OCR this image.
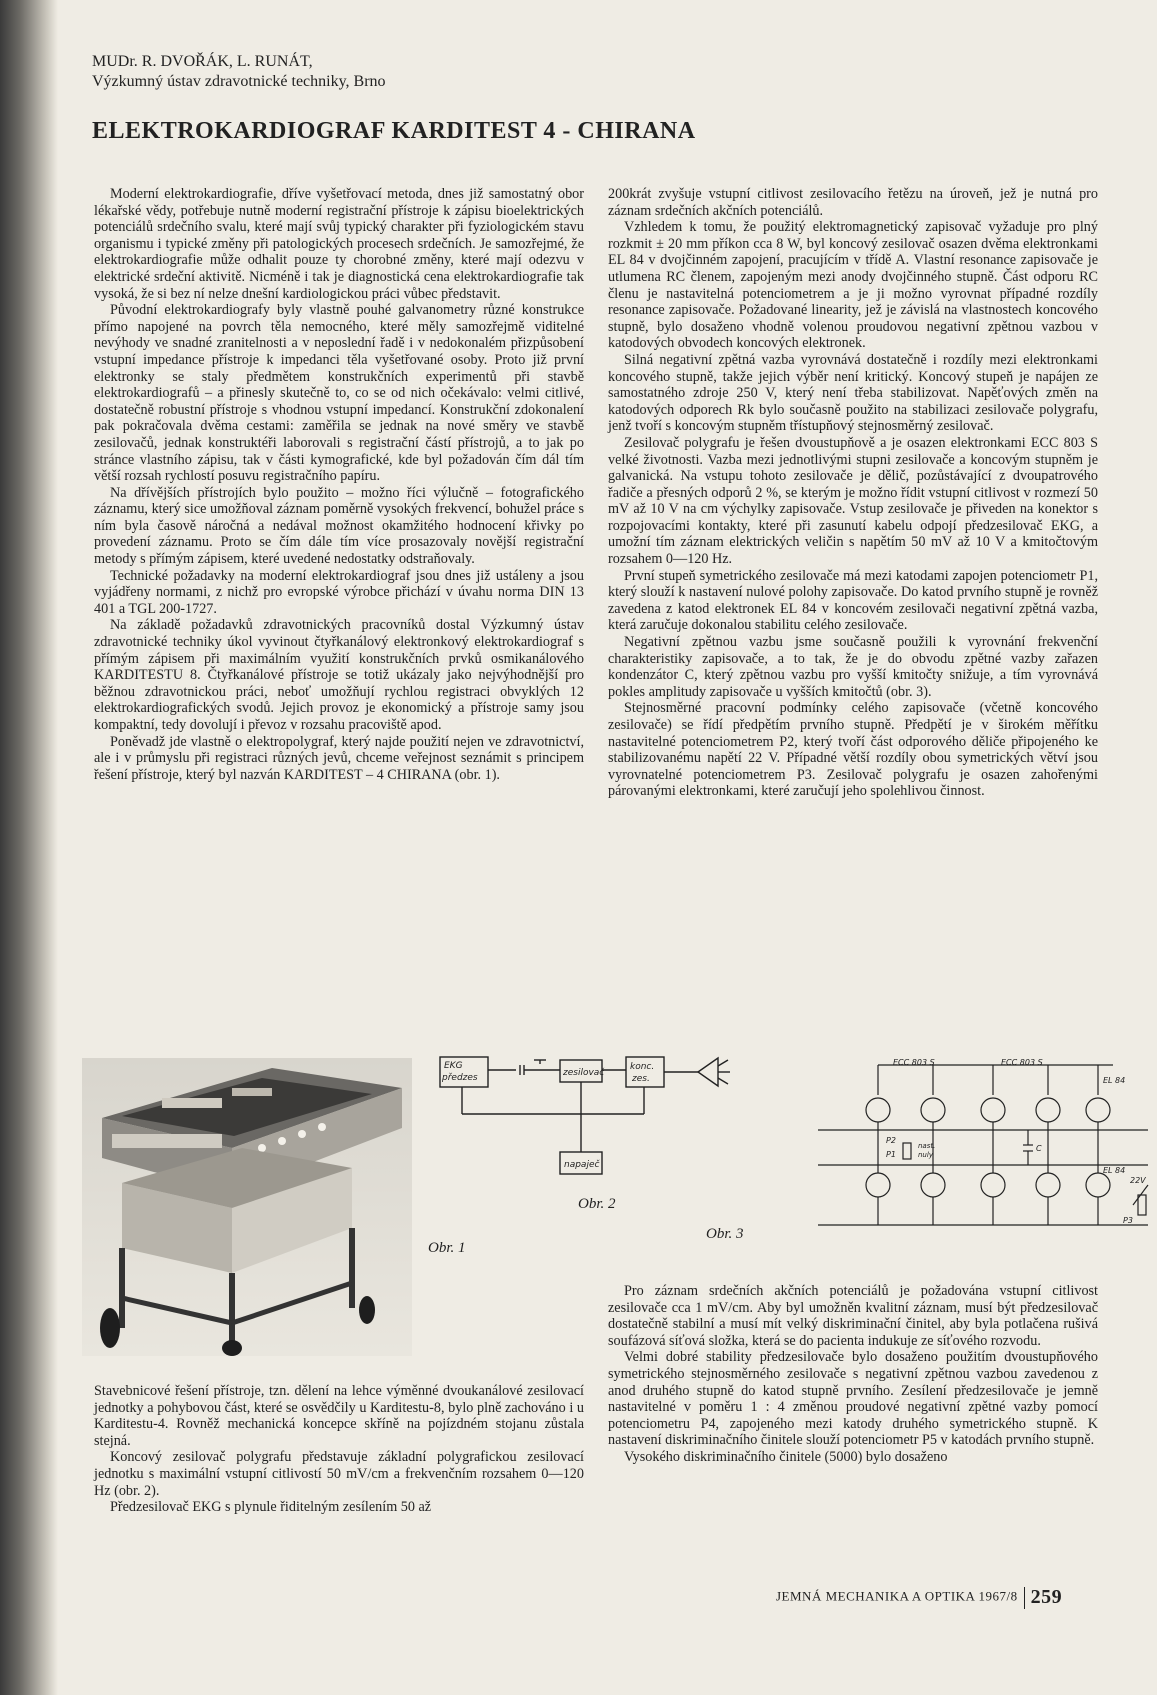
MUDr. R. DVOŘÁK, L. RUNÁT,
Výzkumný ústav zdravotnické techniky, Brno
ELEKTROKARDIOGRAF KARDITEST 4 - CHIRANA

Moderní elektrokardiografie, dříve vyšetřovací metoda, dnes již samostatný obor lékařské vědy, potřebuje nutně moderní registrační přístroje k zápisu bioelektrických potenciálů srdečního svalu, které mají svůj typický charakter při fyziologickém stavu organismu i typické změny při patologických procesech srdečních. Je samozřejmé, že elektrokardiografie může odhalit pouze ty chorobné změny, které mají odezvu v elektrické srdeční aktivitě. Nicméně i tak je diagnostická cena elektrokardiografie tak vysoká, že si bez ní nelze dnešní kardiologickou práci vůbec představit.

Původní elektrokardiografy byly vlastně pouhé galvanometry různé konstrukce přímo napojené na povrch těla nemocného, které měly samozřejmě viditelné nevýhody ve snadné zranitelnosti a v neposlední řadě i v nedokonalém přizpůsobení vstupní impedance přístroje k impedanci těla vyšetřované osoby. Proto již první elektronky se staly předmětem konstrukčních experimentů při stavbě elektrokardiografů – a přinesly skutečně to, co se od nich očekávalo: velmi citlivé, dostatečně robustní přístroje s vhodnou vstupní impedancí. Konstrukční zdokonalení pak pokračovala dvěma cestami: zaměřila se jednak na nové směry ve stavbě zesilovačů, jednak konstruktéři laborovali s registrační částí přístrojů, a to jak po stránce vlastního zápisu, tak v části kymografické, kde byl požadován čím dál tím větší rozsah rychlostí posuvu registračního papíru.

Na dřívějších přístrojích bylo použito – možno říci výlučně – fotografického záznamu, který sice umožňoval záznam poměrně vysokých frekvencí, bohužel práce s ním byla časově náročná a nedával možnost okamžitého hodnocení křivky po provedení záznamu. Proto se čím dále tím více prosazovaly novější registrační metody s přímým zápisem, které uvedené nedostatky odstraňovaly.

Technické požadavky na moderní elektrokardiograf jsou dnes již ustáleny a jsou vyjádřeny normami, z nichž pro evropské výrobce přichází v úvahu norma DIN 13 401 a TGL 200-1727.

Na základě požadavků zdravotnických pracovníků dostal Výzkumný ústav zdravotnické techniky úkol vyvinout čtyřkanálový elektronkový elektrokardiograf s přímým zápisem při maximálním využití konstrukčních prvků osmikanálového KARDITESTU 8. Čtyřkanálové přístroje se totiž ukázaly jako nejvýhodnější pro běžnou zdravotnickou práci, neboť umožňují rychlou registraci obvyklých 12 elektrokardiografických svodů. Jejich provoz je ekonomický a přístroje samy jsou kompaktní, tedy dovolují i převoz v rozsahu pracoviště apod.

Poněvadž jde vlastně o elektropolygraf, který najde použití nejen ve zdravotnictví, ale i v průmyslu při registraci různých jevů, chceme veřejnost seznámit s principem řešení přístroje, který byl nazván KARDITEST – 4 CHIRANA (obr. 1).

200krát zvyšuje vstupní citlivost zesilovacího řetězu na úroveň, jež je nutná pro záznam srdečních akčních potenciálů.

Vzhledem k tomu, že použitý elektromagnetický zapisovač vyžaduje pro plný rozkmit ± 20 mm příkon cca 8 W, byl koncový zesilovač osazen dvěma elektronkami EL 84 v dvojčinném zapojení, pracujícím v třídě A. Vlastní resonance zapisovače je utlumena RC členem, zapojeným mezi anody dvojčinného stupně. Část odporu RC členu je nastavitelná potenciometrem a je ji možno vyrovnat případné rozdíly resonance zapisovače. Požadované linearity, jež je závislá na vlastnostech koncového stupně, bylo dosaženo vhodně volenou proudovou negativní zpětnou vazbou v katodových obvodech koncových elektronek.

Silná negativní zpětná vazba vyrovnává dostatečně i rozdíly mezi elektronkami koncového stupně, takže jejich výběr není kritický. Koncový stupeň je napájen ze samostatného zdroje 250 V, který není třeba stabilizovat. Napěťových změn na katodových odporech Rk bylo současně použito na stabilizaci zesilovače polygrafu, jenž tvoří s koncovým stupněm třístupňový stejnosměrný zesilovač.

Zesilovač polygrafu je řešen dvoustupňově a je osazen elektronkami ECC 803 S velké životnosti. Vazba mezi jednotlivými stupni zesilovače a koncovým stupněm je galvanická. Na vstupu tohoto zesilovače je dělič, pozůstávající z dvoupatrového řadiče a přesných odporů 2 %, se kterým je možno řídit vstupní citlivost v rozmezí 50 mV až 10 V na cm výchylky zapisovače. Vstup zesilovače je přiveden na konektor s rozpojovacími kontakty, které při zasunutí kabelu odpojí předzesilovač EKG, a umožní tím záznam elektrických veličin s napětím 50 mV až 10 V a kmitočtovým rozsahem 0—120 Hz.

První stupeň symetrického zesilovače má mezi katodami zapojen potenciometr P1, který slouží k nastavení nulové polohy zapisovače. Do katod prvního stupně je rovněž zavedena z katod elektronek EL 84 v koncovém zesilovači negativní zpětná vazba, která zaručuje dokonalou stabilitu celého zesilovače.

Negativní zpětnou vazbu jsme současně použili k vyrovnání frekvenční charakteristiky zapisovače, a to tak, že je do obvodu zpětné vazby zařazen kondenzátor C, který zpětnou vazbu pro vyšší kmitočty snižuje, a tím vyrovnává pokles amplitudy zapisovače u vyšších kmitočtů (obr. 3).

Stejnosměrné pracovní podmínky celého zapisovače (včetně koncového zesilovače) se řídí předpětím prvního stupně. Předpětí je v širokém měřítku nastavitelné potenciometrem P2, který tvoří část odporového děliče připojeného ke stabilizovanému napětí 22 V. Případné větší rozdíly obou symetrických větví jsou vyrovnatelné potenciometrem P3. Zesilovač polygrafu je osazen zahořenými párovanými elektronkami, které zaručují jeho spolehlivou činnost.

Obr. 1
EKG
předzes	zesilovač
konc.
zes.
napaječ
Obr. 2
ECC 803 S	ECC 803 S
EL 84
EL 84
P2
P1
nast.
nuly
C
22V
P3
Obr. 3

Stavebnicové řešení přístroje, tzn. dělení na lehce výměnné dvoukanálové zesilovací jednotky a pohybovou část, které se osvědčily u Karditestu-8, bylo plně zachováno i u Karditestu-4. Rovněž mechanická koncepce skříně na pojízdném stojanu zůstala stejná.

Koncový zesilovač polygrafu představuje základní polygrafickou zesilovací jednotku s maximální vstupní citlivostí 50 mV/cm a frekvenčním rozsahem 0—120 Hz (obr. 2).

Předzesilovač EKG s plynule řiditelným zesílením 50 až

Pro záznam srdečních akčních potenciálů je požadována vstupní citlivost zesilovače cca 1 mV/cm. Aby byl umožněn kvalitní záznam, musí být předzesilovač dostatečně stabilní a musí mít velký diskriminační činitel, aby byla potlačena rušivá soufázová síťová složka, která se do pacienta indukuje ze síťového rozvodu.

Velmi dobré stability předzesilovače bylo dosaženo použitím dvoustupňového symetrického stejnosměrného zesilovače s negativní zpětnou vazbou zavedenou z anod druhého stupně do katod stupně prvního. Zesílení předzesilovače je jemně nastavitelné v poměru 1 : 4 změnou proudové negativní zpětné vazby pomocí potenciometru P4, zapojeného mezi katody druhého symetrického stupně. K nastavení diskriminačního činitele slouží potenciometr P5 v katodách prvního stupně.

Vysokého diskriminačního činitele (5000) bylo dosaženo

JEMNÁ MECHANIKA A OPTIKA 1967/8 259
